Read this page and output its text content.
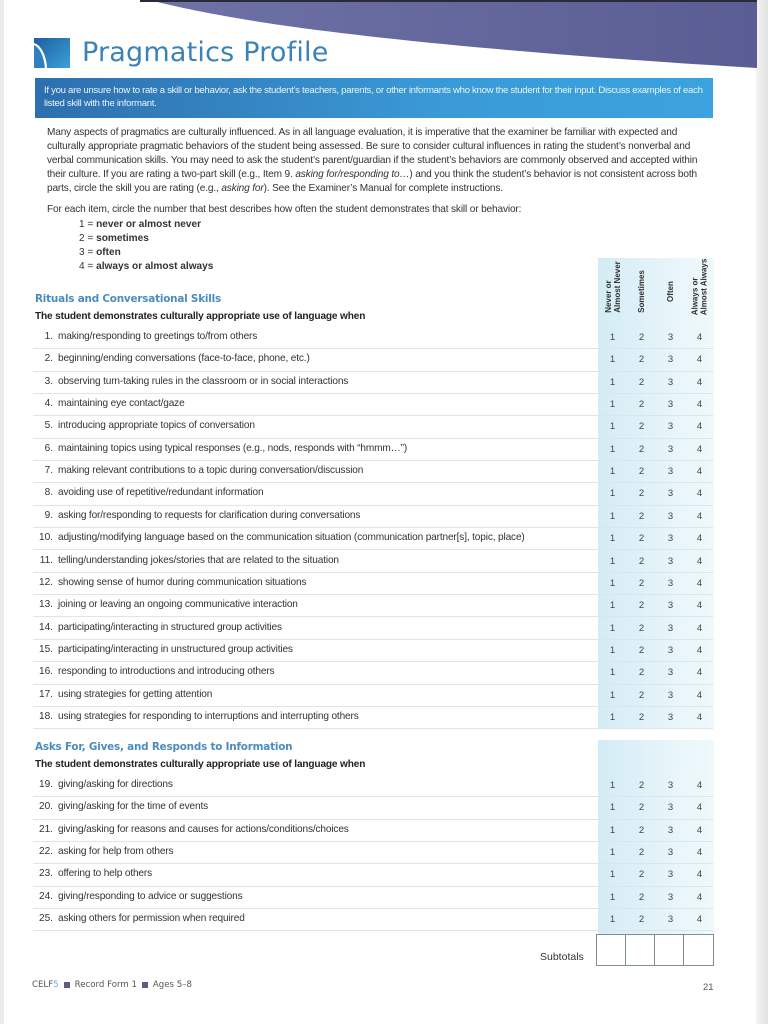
Pragmatics Profile
If you are unsure how to rate a skill or behavior, ask the student’s teachers, parents, or other informants who know the student for their input. Discuss examples of each listed skill with the informant.
Many aspects of pragmatics are culturally influenced. As in all language evaluation, it is imperative that the examiner be familiar with expected and culturally appropriate pragmatic behaviors of the student being assessed. Be sure to consider cultural influences in rating the student’s nonverbal and verbal communication skills. You may need to ask the student’s parent/guardian if the student’s behaviors are commonly observed and accepted within their culture. If you are rating a two-part skill (e.g., Item 9. asking for/responding to…) and you think the student’s behavior is not consistent across both parts, circle the skill you are rating (e.g., asking for). See the Examiner’s Manual for complete instructions.
For each item, circle the number that best describes how often the student demonstrates that skill or behavior:
1 = never or almost never
2 = sometimes
3 = often
4 = always or almost always
Never or Almost Never Sometimes Often Always or Almost Always
Rituals and Conversational Skills
The student demonstrates culturally appropriate use of language when
1. making/responding to greetings to/from others	1	2	3	4
2. beginning/ending conversations (face-to-face, phone, etc.)	1	2	3	4
3. observing turn-taking rules in the classroom or in social interactions	1	2	3	4
4. maintaining eye contact/gaze	1	2	3	4
5. introducing appropriate topics of conversation	1	2	3	4
6. maintaining topics using typical responses (e.g., nods, responds with “hmmm…”)	1	2	3	4
7. making relevant contributions to a topic during conversation/discussion	1	2	3	4
8. avoiding use of repetitive/redundant information	1	2	3	4
9. asking for/responding to requests for clarification during conversations	1	2	3	4
10. adjusting/modifying language based on the communication situation (communication partner[s], topic, place)	1	2	3	4
11. telling/understanding jokes/stories that are related to the situation	1	2	3	4
12. showing sense of humor during communication situations	1	2	3	4
13. joining or leaving an ongoing communicative interaction	1	2	3	4
14. participating/interacting in structured group activities	1	2	3	4
15. participating/interacting in unstructured group activities	1	2	3	4
16. responding to introductions and introducing others	1	2	3	4
17. using strategies for getting attention	1	2	3	4
18. using strategies for responding to interruptions and interrupting others	1	2	3	4
Asks For, Gives, and Responds to Information
The student demonstrates culturally appropriate use of language when
19. giving/asking for directions	1	2	3	4
20. giving/asking for the time of events	1	2	3	4
21. giving/asking for reasons and causes for actions/conditions/choices	1	2	3	4
22. asking for help from others	1	2	3	4
23. offering to help others	1	2	3	4
24. giving/responding to advice or suggestions	1	2	3	4
25. asking others for permission when required	1	2	3	4
Subtotals
CELF5 Record Form 1 Ages 5–8	21
